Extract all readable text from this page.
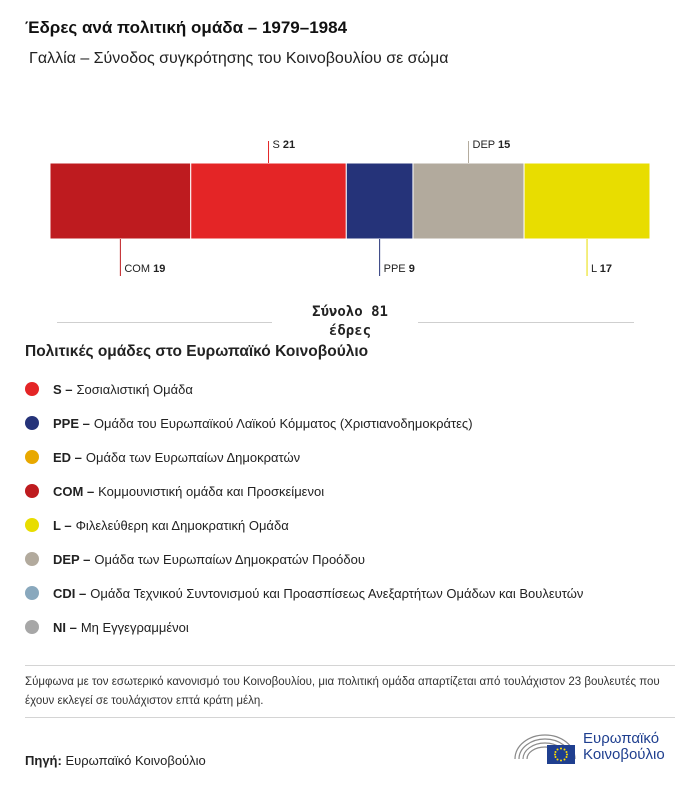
Έδρες ανά πολιτική ομάδα – 1979–1984
Γαλλία – Σύνοδος συγκρότησης του Κοινοβουλίου σε σώμα
COM 19
S 21
PPE 9
DEP 15
L 17
Σύνολο 81
έδρες
Πολιτικές ομάδες στο Ευρωπαϊκό Κοινοβούλιο
S – Σοσιαλιστική Ομάδα
PPE – Ομάδα του Ευρωπαϊκού Λαϊκού Κόμματος (Χριστιανοδημοκράτες)
ED – Ομάδα των Ευρωπαίων Δημοκρατών
COM – Κομμουνιστική ομάδα και Προσκείμενοι
L – Φιλελεύθερη και Δημοκρατική Ομάδα
DEP – Ομάδα των Ευρωπαίων Δημοκρατών Προόδου
CDI – Ομάδα Τεχνικού Συντονισμού και Προασπίσεως Ανεξαρτήτων Ομάδων και Βουλευτών
NI – Μη Εγγεγραμμένοι
Σύμφωνα με τον εσωτερικό κανονισμό του Κοινοβουλίου, μια πολιτική ομάδα απαρτίζεται από τουλάχιστον 23 βουλευτές που έχουν εκλεγεί σε τουλάχιστον επτά κράτη μέλη.
Πηγή: Ευρωπαϊκό Κοινοβούλιο
Ευρωπαϊκό
Κοινοβούλιο
